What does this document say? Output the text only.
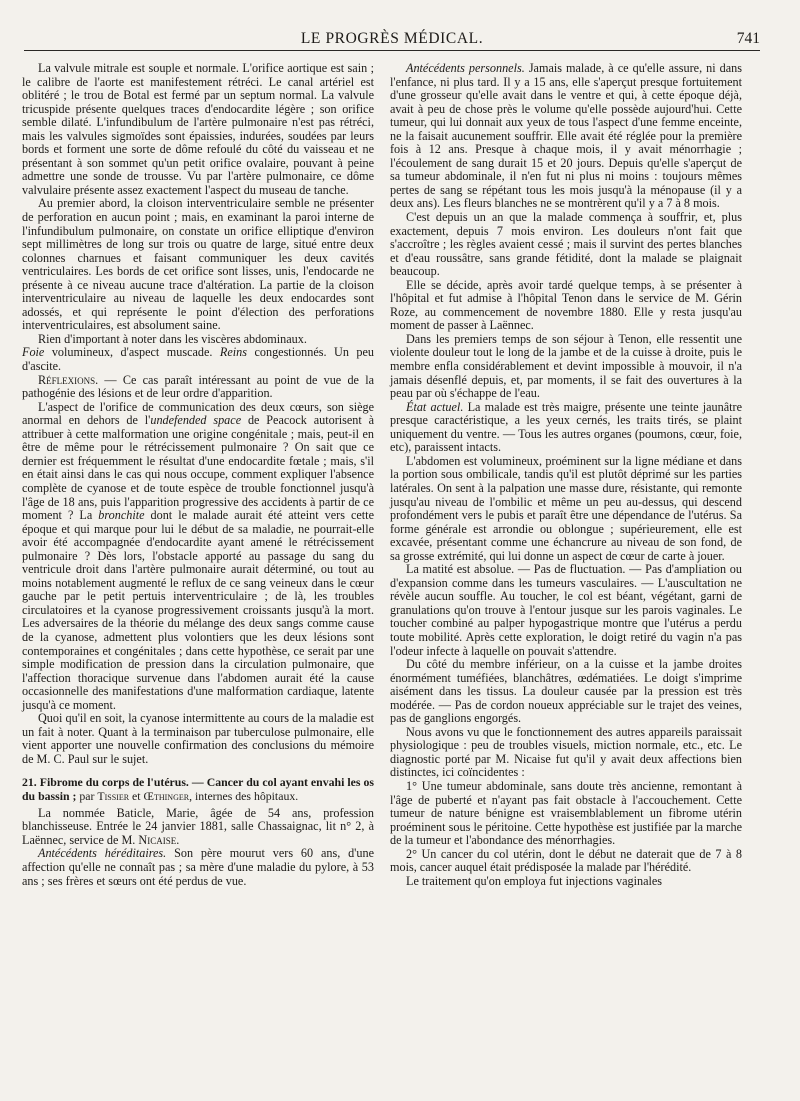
LE PROGRÈS MÉDICAL.	741

La valvule mitrale est souple et normale. L'orifice aortique est sain ; le calibre de l'aorte est manifestement rétréci. Le canal artériel est oblitéré ; le trou de Botal est fermé par un septum normal. La valvule tricuspide présente quelques traces d'endocardite légère ; son orifice semble dilaté. L'infundibulum de l'artère pulmonaire n'est pas rétréci, mais les valvules sigmoïdes sont épaissies, indurées, soudées par leurs bords et forment une sorte de dôme refoulé du côté du vaisseau et ne présentant à son sommet qu'un petit orifice ovalaire, pouvant à peine admettre une sonde de trousse. Vu par l'artère pulmonaire, ce dôme valvulaire présente assez exactement l'aspect du museau de tanche.

Au premier abord, la cloison interventriculaire semble ne présenter de perforation en aucun point ; mais, en examinant la paroi interne de l'infundibulum pulmonaire, on constate un orifice elliptique d'environ sept millimètres de long sur trois ou quatre de large, situé entre deux colonnes charnues et faisant communiquer les deux cavités ventriculaires. Les bords de cet orifice sont lisses, unis, l'endocarde ne présente à ce niveau aucune trace d'altération. La partie de la cloison interventriculaire au niveau de laquelle les deux endocardes sont adossés, et qui représente le point d'élection des perforations interventriculaires, est absolument saine.

Rien d'important à noter dans les viscères abdominaux.
Foie volumineux, d'aspect muscade. Reins congestionnés. Un peu d'ascite.

Réflexions. — Ce cas paraît intéressant au point de vue de la pathogénie des lésions et de leur ordre d'apparition.

L'aspect de l'orifice de communication des deux cœurs, son siège anormal en dehors de l'undefended space de Peacock autorisent à attribuer à cette malformation une origine congénitale ; mais, peut-il en être de même pour le rétrécissement pulmonaire ? On sait que ce dernier est fréquemment le résultat d'une endocardite fœtale ; mais, s'il en était ainsi dans le cas qui nous occupe, comment expliquer l'absence complète de cyanose et de toute espèce de trouble fonctionnel jusqu'à l'âge de 18 ans, puis l'apparition progressive des accidents à partir de ce moment ? La bronchite dont le malade aurait été atteint vers cette époque et qui marque pour lui le début de sa maladie, ne pourrait-elle avoir été accompagnée d'endocardite ayant amené le rétrécissement pulmonaire ? Dès lors, l'obstacle apporté au passage du sang du ventricule droit dans l'artère pulmonaire aurait déterminé, ou tout au moins notablement augmenté le reflux de ce sang veineux dans le cœur gauche par le petit pertuis interventriculaire ; de là, les troubles circulatoires et la cyanose progressivement croissants jusqu'à la mort. Les adversaires de la théorie du mélange des deux sangs comme cause de la cyanose, admettent plus volontiers que les deux lésions sont contemporaines et congénitales ; dans cette hypothèse, ce serait par une simple modification de pression dans la circulation pulmonaire, que l'affection thoracique survenue dans l'abdomen aurait été la cause occasionnelle des manifestations d'une malformation cardiaque, latente jusqu'à ce moment.

Quoi qu'il en soit, la cyanose intermittente au cours de la maladie est un fait à noter. Quant à la terminaison par tuberculose pulmonaire, elle vient apporter une nouvelle confirmation des conclusions du mémoire de M. C. Paul sur le sujet.

21. Fibrome du corps de l'utérus. — Cancer du col ayant envahi les os du bassin ; par Tissier et Œthinger, internes des hôpitaux.

La nommée Baticle, Marie, âgée de 54 ans, profession blanchisseuse. Entrée le 24 janvier 1881, salle Chassaignac, lit n° 2, à Laënnec, service de M. Nicaise.

Antécédents héréditaires. Son père mourut vers 60 ans, d'une affection qu'elle ne connaît pas ; sa mère d'une maladie du pylore, à 53 ans ; ses frères et sœurs ont été perdus de vue.

Antécédents personnels. Jamais malade, à ce qu'elle assure, ni dans l'enfance, ni plus tard. Il y a 15 ans, elle s'aperçut presque fortuitement d'une grosseur qu'elle avait dans le ventre et qui, à cette époque déjà, avait à peu de chose près le volume qu'elle possède aujourd'hui. Cette tumeur, qui lui donnait aux yeux de tous l'aspect d'une femme enceinte, ne la faisait aucunement souffrir. Elle avait été réglée pour la première fois à 12 ans. Presque à chaque mois, il y avait ménorrhagie ; l'écoulement de sang durait 15 et 20 jours. Depuis qu'elle s'aperçut de sa tumeur abdominale, il n'en fut ni plus ni moins : toujours mêmes pertes de sang se répétant tous les mois jusqu'à la ménopause (il y a deux ans). Les fleurs blanches ne se montrèrent qu'il y a 7 à 8 mois.

C'est depuis un an que la malade commença à souffrir, et, plus exactement, depuis 7 mois environ. Les douleurs n'ont fait que s'accroître ; les règles avaient cessé ; mais il survint des pertes blanches et d'eau roussâtre, sans grande fétidité, dont la malade se plaignait beaucoup.

Elle se décide, après avoir tardé quelque temps, à se présenter à l'hôpital et fut admise à l'hôpital Tenon dans le service de M. Gérin Roze, au commencement de novembre 1880. Elle y resta jusqu'au moment de passer à Laënnec.

Dans les premiers temps de son séjour à Tenon, elle ressentit une violente douleur tout le long de la jambe et de la cuisse à droite, puis le membre enfla considérablement et devint impossible à mouvoir, il n'a jamais désenflé depuis, et, par moments, il se fait des ouvertures à la peau par où s'échappe de l'eau.

État actuel. La malade est très maigre, présente une teinte jaunâtre presque caractéristique, a les yeux cernés, les traits tirés, se plaint uniquement du ventre. — Tous les autres organes (poumons, cœur, foie, etc), paraissent intacts.

L'abdomen est volumineux, proéminent sur la ligne médiane et dans la portion sous ombilicale, tandis qu'il est plutôt déprimé sur les parties latérales. On sent à la palpation une masse dure, résistante, qui remonte jusqu'au niveau de l'ombilic et même un peu au-dessus, qui descend profondément vers le pubis et paraît être une dépendance de l'utérus. Sa forme générale est arrondie ou oblongue ; supérieurement, elle est excavée, présentant comme une échancrure au niveau de son fond, de sa grosse extrémité, qui lui donne un aspect de cœur de carte à jouer.

La matité est absolue. — Pas de fluctuation. — Pas d'ampliation ou d'expansion comme dans les tumeurs vasculaires. — L'auscultation ne révèle aucun souffle. Au toucher, le col est béant, végétant, garni de granulations qu'on trouve à l'entour jusque sur les parois vaginales. Le toucher combiné au palper hypogastrique montre que l'utérus a perdu toute mobilité. Après cette exploration, le doigt retiré du vagin n'a pas l'odeur infecte à laquelle on pouvait s'attendre.

Du côté du membre inférieur, on a la cuisse et la jambe droites énormément tuméfiées, blanchâtres, œdématiées. Le doigt s'imprime aisément dans les tissus. La douleur causée par la pression est très modérée. — Pas de cordon noueux appréciable sur le trajet des veines, pas de ganglions engorgés.

Nous avons vu que le fonctionnement des autres appareils paraissait physiologique : peu de troubles visuels, miction normale, etc., etc. Le diagnostic porté par M. Nicaise fut qu'il y avait deux affections bien distinctes, ici coïncidentes :

1° Une tumeur abdominale, sans doute très ancienne, remontant à l'âge de puberté et n'ayant pas fait obstacle à l'accouchement. Cette tumeur de nature bénigne est vraisemblablement un fibrome utérin proéminent sous le péritoine. Cette hypothèse est justifiée par la marche de la tumeur et l'abondance des ménorrhagies.

2° Un cancer du col utérin, dont le début ne daterait que de 7 à 8 mois, cancer auquel était prédisposée la malade par l'hérédité.

Le traitement qu'on employa fut injections vaginales
